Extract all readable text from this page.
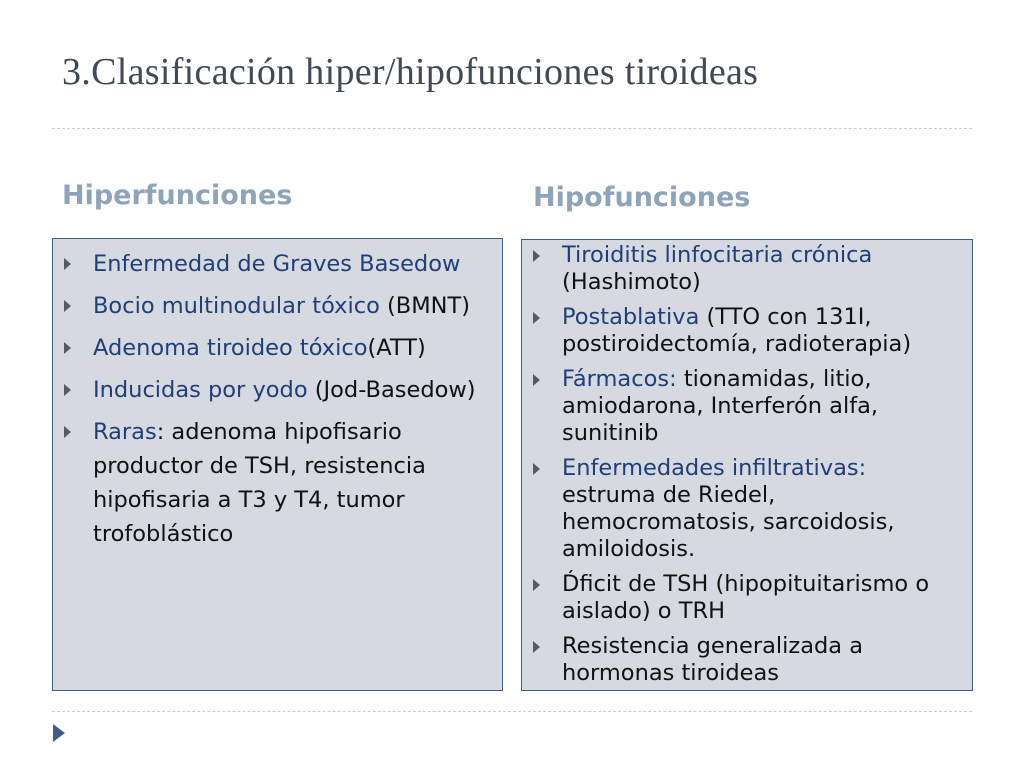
3.Clasificación hiper/hipofunciones tiroideas
Hiperfunciones	Hipofunciones
Enfermedad de Graves Basedow
Bocio multinodular tóxico (BMNT)
Adenoma tiroideo tóxico(ATT)
Inducidas por yodo (Jod-Basedow)
Raras: adenoma hipofisario productor de TSH, resistencia hipofisaria a T3 y T4, tumor trofoblástico
Tiroiditis linfocitaria crónica (Hashimoto)
Postablativa (TTO con 131I, postiroidectomía, radioterapia)
Fármacos: tionamidas, litio, amiodarona, Interferón alfa, sunitinib
Enfermedades infiltrativas: estruma de Riedel, hemocromatosis, sarcoidosis, amiloidosis.
D́ficit de TSH (hipopituitarismo o aislado) o TRH
Resistencia generalizada a hormonas tiroideas
